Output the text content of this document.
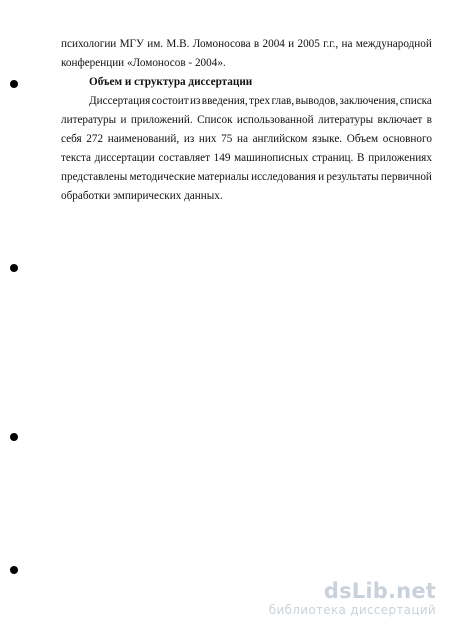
психологии МГУ им. М.В. Ломоносова в 2004 и 2005 г.г., на международной
конференции «Ломоносов - 2004».
Объем и структура диссертации
Диссертация состоит из введения, трех глав, выводов, заключения, списка
литературы и приложений. Список использованной литературы включает в
себя 272 наименований, из них 75 на английском языке. Объем основного
текста диссертации составляет 149 машинописных страниц. В приложениях
представлены методические материалы исследования и результаты первичной
обработки эмпирических данных.
dsLib.net
библиотека диссертаций
